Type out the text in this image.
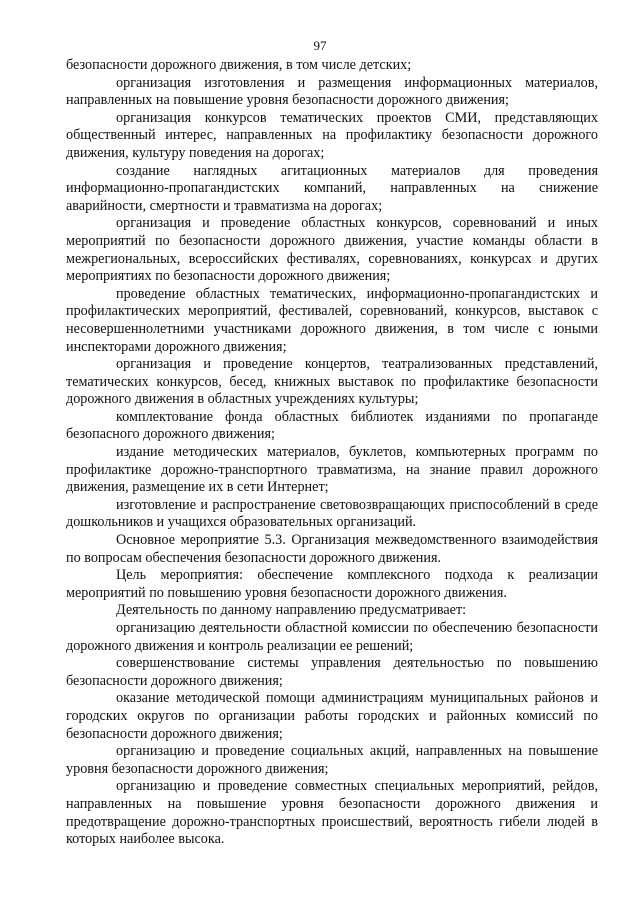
97

безопасности дорожного движения, в том числе детских;

организация изготовления и размещения информационных материалов, направленных на повышение уровня безопасности дорожного движения;

организация конкурсов тематических проектов СМИ, представляющих общественный интерес, направленных на профилактику безопасности дорожного движения, культуру поведения на дорогах;

создание наглядных агитационных материалов для проведения информационно-пропагандистских компаний, направленных на снижение аварийности, смертности и травматизма на дорогах;

организация и проведение областных конкурсов, соревнований и иных мероприятий по безопасности дорожного движения, участие команды области в межрегиональных, всероссийских фестивалях, соревнованиях, конкурсах и других мероприятиях по безопасности дорожного движения;

проведение областных тематических, информационно-пропагандистских и профилактических мероприятий, фестивалей, соревнований, конкурсов, выставок с несовершеннолетними участниками дорожного движения, в том числе с юными инспекторами дорожного движения;

организация и проведение концертов, театрализованных представлений, тематических конкурсов, бесед, книжных выставок по профилактике безопасности дорожного движения в областных учреждениях культуры;

комплектование фонда областных библиотек изданиями по пропаганде безопасного дорожного движения;

издание методических материалов, буклетов, компьютерных программ по профилактике дорожно-транспортного травматизма, на знание правил дорожного движения, размещение их в сети Интернет;

изготовление и распространение световозвращающих приспособлений в среде дошкольников и учащихся образовательных организаций.

Основное мероприятие 5.3. Организация межведомственного взаимодействия по вопросам обеспечения безопасности дорожного движения.

Цель мероприятия: обеспечение комплексного подхода к реализации мероприятий по повышению уровня безопасности дорожного движения.

Деятельность по данному направлению предусматривает:

организацию деятельности областной комиссии по обеспечению безопасности дорожного движения и контроль реализации ее решений;

совершенствование системы управления деятельностью по повышению безопасности дорожного движения;

оказание методической помощи администрациям муниципальных районов и городских округов по организации работы городских и районных комиссий по безопасности дорожного движения;

организацию и проведение социальных акций, направленных на повышение уровня безопасности дорожного движения;

организацию и проведение совместных специальных мероприятий, рейдов, направленных на повышение уровня безопасности дорожного движения и предотвращение дорожно-транспортных происшествий, вероятность гибели людей в которых наиболее высока.
